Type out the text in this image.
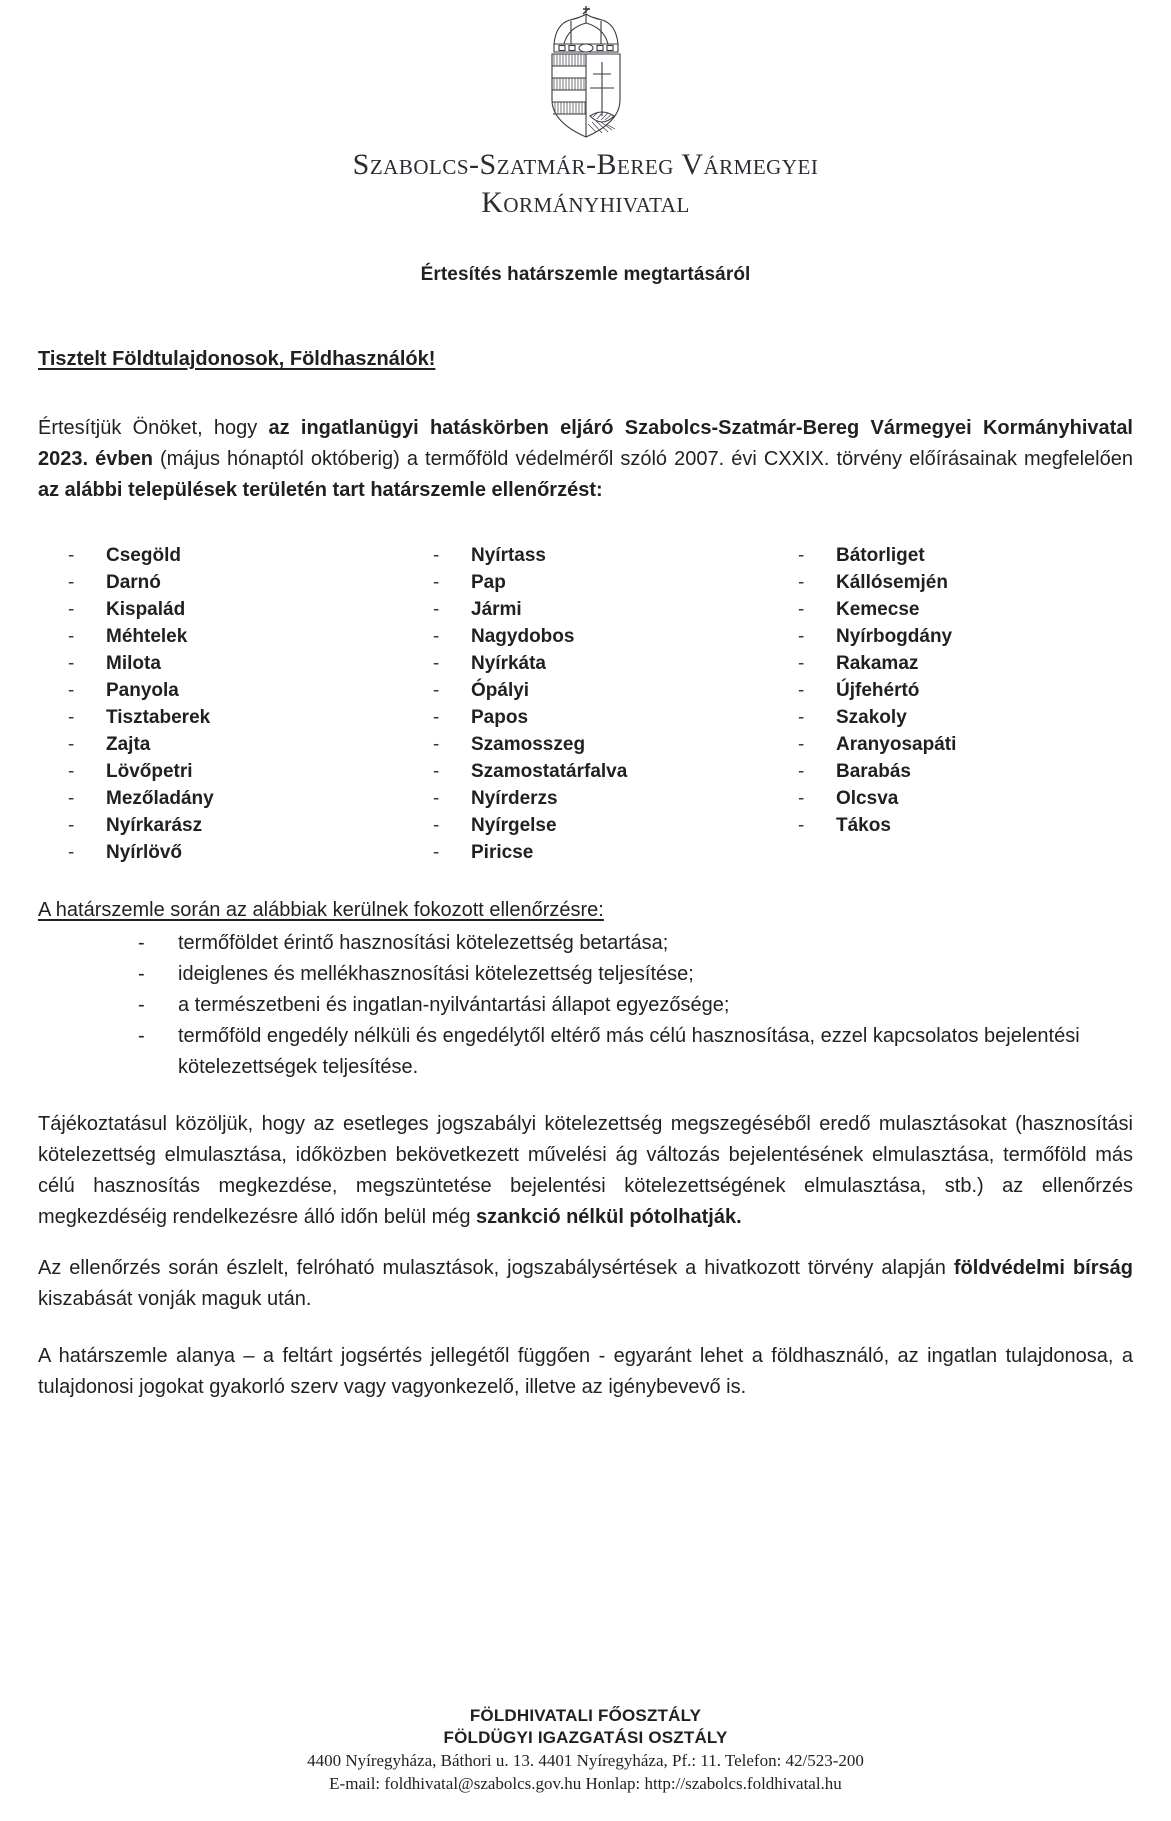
Szabolcs-Szatmár-Bereg Vármegyei
Kormányhivatal
Értesítés határszemle megtartásáról
Tisztelt Földtulajdonosok, Földhasználók!

Értesítjük Önöket, hogy az ingatlanügyi hatáskörben eljáró Szabolcs-Szatmár-Bereg Vármegyei Kormányhivatal 2023. évben (május hónaptól októberig) a termőföld védelméről szóló 2007. évi CXXIX. törvény előírásainak megfelelően az alábbi települések területén tart határszemle ellenőrzést:

-	Csegöld
-	Darnó
-	Kispalád
-	Méhtelek
-	Milota
-	Panyola
-	Tisztaberek
-	Zajta
-	Lövőpetri
-	Mezőladány
-	Nyírkarász
-	Nyírlövő
-	Nyírtass
-	Pap
-	Jármi
-	Nagydobos
-	Nyírkáta
-	Ópályi
-	Papos
-	Szamosszeg
-	Szamostatárfalva
-	Nyírderzs
-	Nyírgelse
-	Piricse
-	Bátorliget
-	Kállósemjén
-	Kemecse
-	Nyírbogdány
-	Rakamaz
-	Újfehértó
-	Szakoly
-	Aranyosapáti
-	Barabás
-	Olcsva
-	Tákos
A határszemle során az alábbiak kerülnek fokozott ellenőrzésre:
-	termőföldet érintő hasznosítási kötelezettség betartása;
-	ideiglenes és mellékhasznosítási kötelezettség teljesítése;
-	a természetbeni és ingatlan-nyilvántartási állapot egyezősége;
-	termőföld engedély nélküli és engedélytől eltérő más célú hasznosítása, ezzel kapcsolatos bejelentési kötelezettségek teljesítése.

Tájékoztatásul közöljük, hogy az esetleges jogszabályi kötelezettség megszegéséből eredő mulasztásokat (hasznosítási kötelezettség elmulasztása, időközben bekövetkezett művelési ág változás bejelentésének elmulasztása, termőföld más célú hasznosítás megkezdése, megszüntetése bejelentési kötelezettségének elmulasztása, stb.) az ellenőrzés megkezdéséig rendelkezésre álló időn belül még szankció nélkül pótolhatják.

Az ellenőrzés során észlelt, felróható mulasztások, jogszabálysértések a hivatkozott törvény alapján földvédelmi bírság kiszabását vonják maguk után.

A határszemle alanya – a feltárt jogsértés jellegétől függően - egyaránt lehet a földhasználó, az ingatlan tulajdonosa, a tulajdonosi jogokat gyakorló szerv vagy vagyonkezelő, illetve az igénybevevő is.

FÖLDHIVATALI FŐOSZTÁLY
FÖLDÜGYI IGAZGATÁSI OSZTÁLY
4400 Nyíregyháza, Báthori u. 13. 4401 Nyíregyháza, Pf.: 11. Telefon: 42/523-200
E-mail: foldhivatal@szabolcs.gov.hu Honlap: http://szabolcs.foldhivatal.hu
